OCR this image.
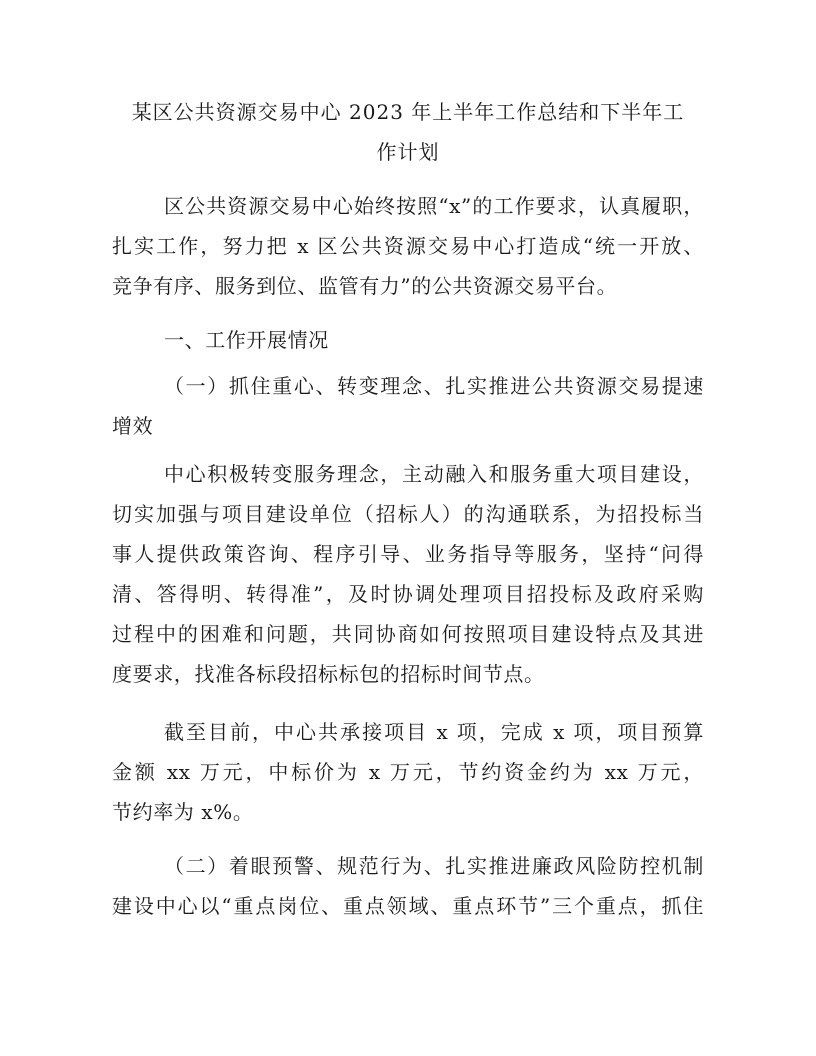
某区公共资源交易中心 2023 年上半年工作总结和下半年工
作计划

区公共资源交易中心始终按照“x”的工作要求，认真履职，
扎实工作，努力把 x 区公共资源交易中心打造成“统一开放、
竞争有序、服务到位、监管有力”的公共资源交易平台。

一、工作开展情况

（一）抓住重心、转变理念、扎实推进公共资源交易提速
增效

中心积极转变服务理念，主动融入和服务重大项目建设，
切实加强与项目建设单位（招标人）的沟通联系，为招投标当
事人提供政策咨询、程序引导、业务指导等服务，坚持“问得
清、答得明、转得准”，及时协调处理项目招投标及政府采购
过程中的困难和问题，共同协商如何按照项目建设特点及其进
度要求，找准各标段招标标包的招标时间节点。

截至目前，中心共承接项目 x 项，完成 x 项，项目预算
金额 xx 万元，中标价为 x 万元，节约资金约为 xx 万元，
节约率为 x%。

（二）着眼预警、规范行为、扎实推进廉政风险防控机制
建设中心以“重点岗位、重点领域、重点环节”三个重点，抓住
